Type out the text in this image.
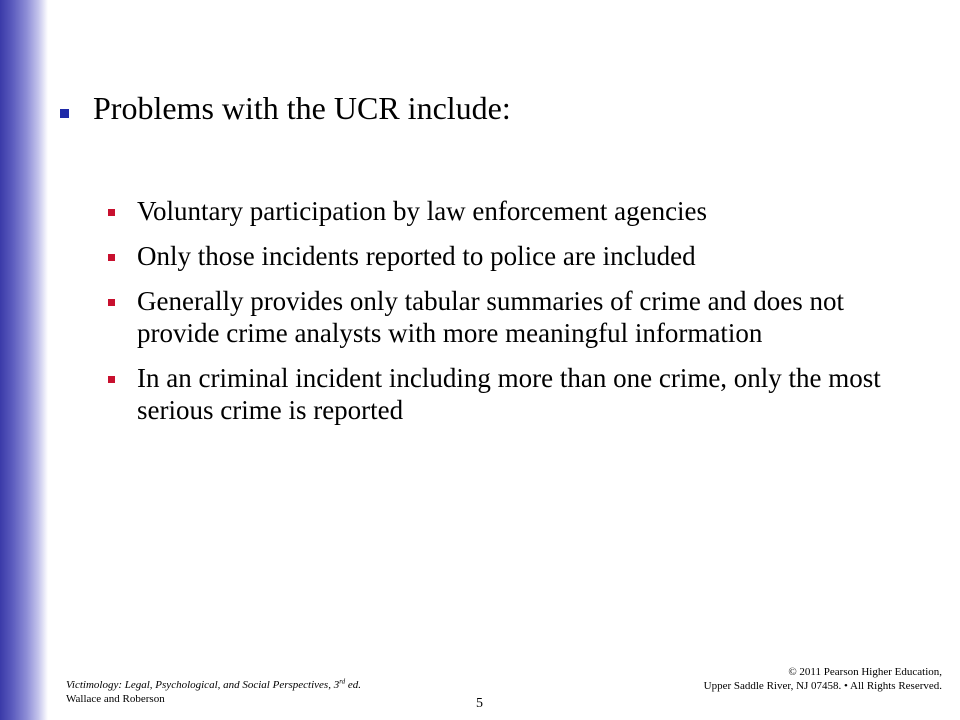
Problems with the UCR include:
Voluntary participation by law enforcement agencies
Only those incidents reported to police are included
Generally provides only tabular summaries of crime and does not provide crime analysts with more meaningful information
In an criminal incident including more than one crime, only the most serious crime is reported
Victimology: Legal, Psychological, and Social Perspectives, 3rd ed.
Wallace and Roberson	5
© 2011 Pearson Higher Education,
Upper Saddle River, NJ 07458. • All Rights Reserved.
